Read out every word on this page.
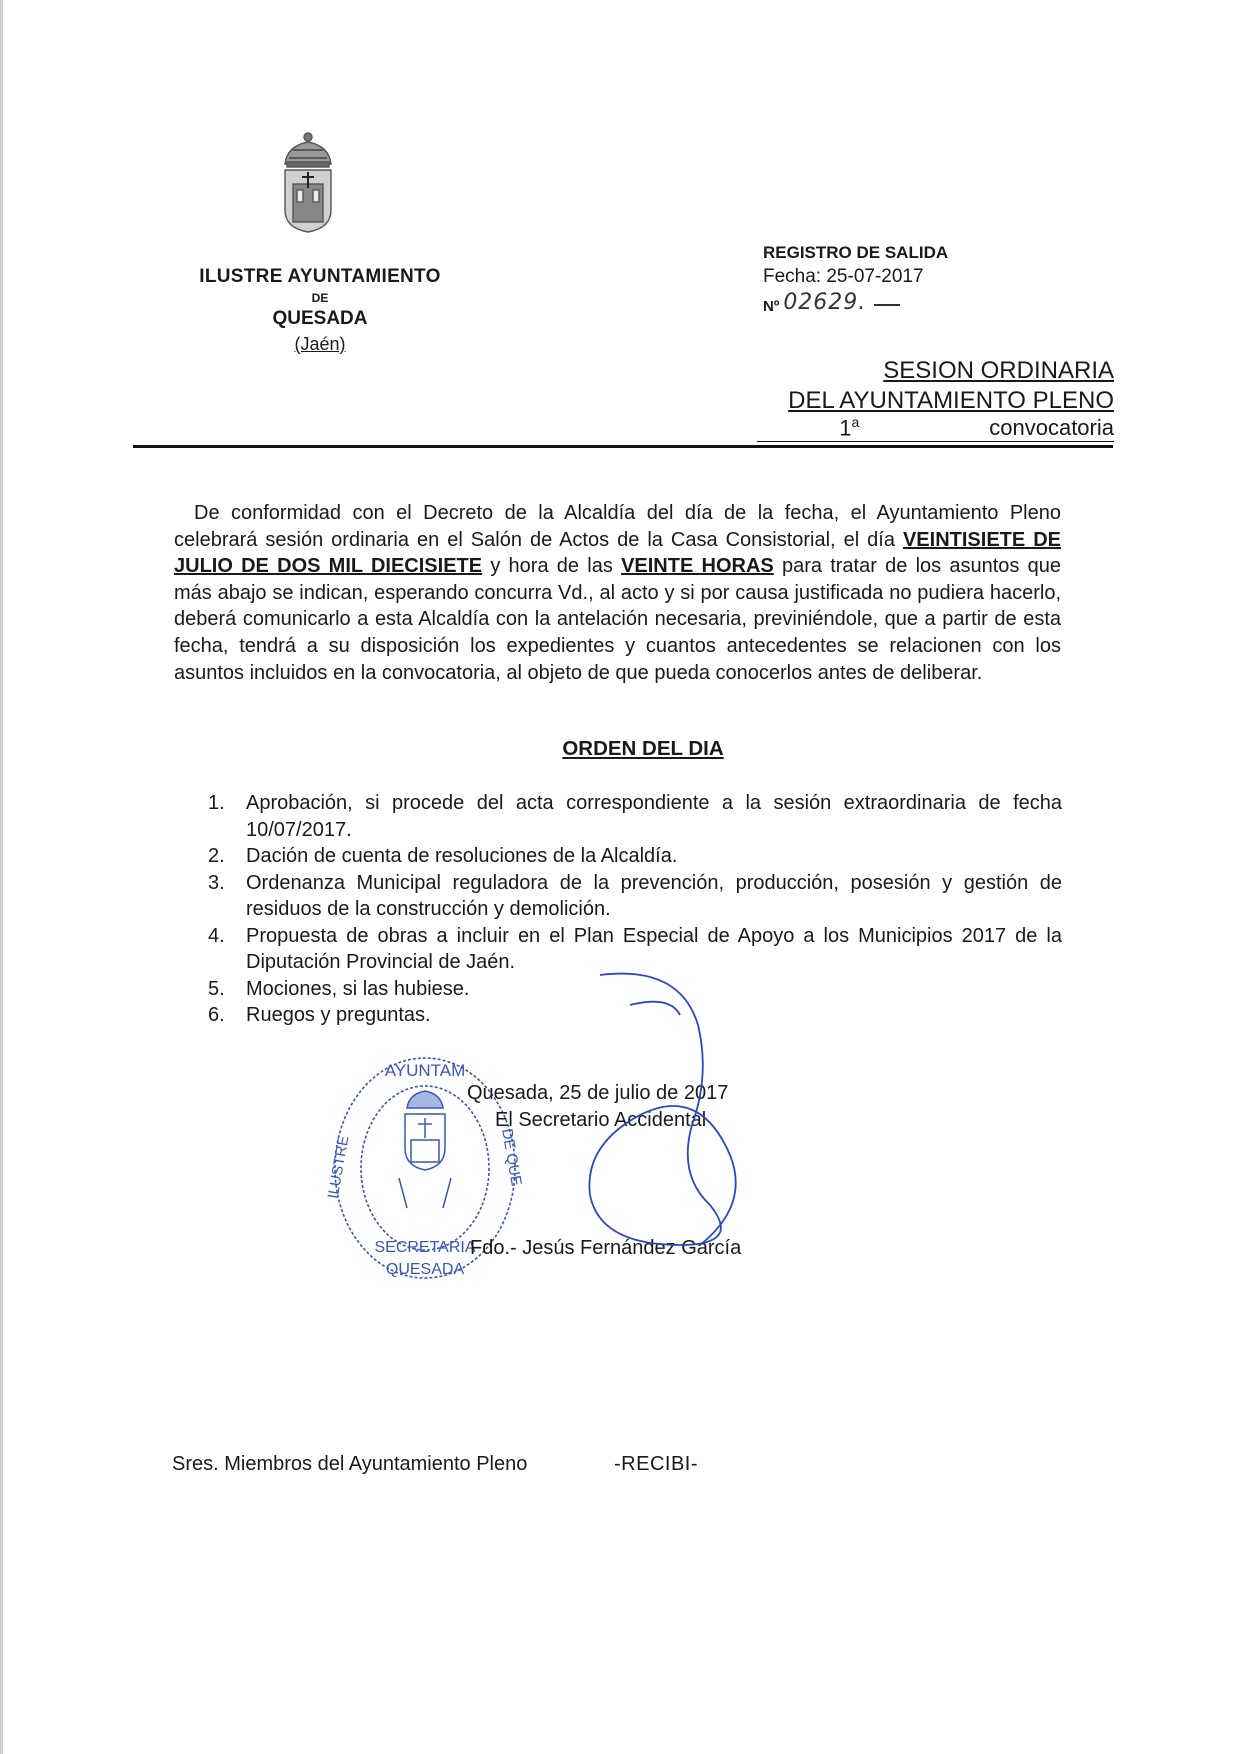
ILUSTRE AYUNTAMIENTO
DE
QUESADA
(Jaén)
REGISTRO DE SALIDA
Fecha: 25-07-2017
Nº 02629.
SESION ORDINARIA
DEL AYUNTAMIENTO PLENO
1$^a$	convocatoria

De conformidad con el Decreto de la Alcaldía del día de la fecha, el Ayuntamiento Pleno celebrará sesión ordinaria en el Salón de Actos de la Casa Consistorial, el día VEINTISIETE DE JULIO DE DOS MIL DIECISIETE y hora de las VEINTE HORAS para tratar de los asuntos que más abajo se indican, esperando concurra Vd., al acto y si por causa justificada no pudiera hacerlo, deberá comunicarlo a esta Alcaldía con la antelación necesaria, previniéndole, que a partir de esta fecha, tendrá a su disposición los expedientes y cuantos antecedentes se relacionen con los asuntos incluidos en la convocatoria, al objeto de que pueda conocerlos antes de deliberar.

ORDEN DEL DIA
1.	Aprobación, si procede del acta correspondiente a la sesión extraordinaria de fecha 10/07/2017.
2.	Dación de cuenta de resoluciones de la Alcaldía.
3.	Ordenanza Municipal reguladora de la prevención, producción, posesión y gestión de residuos de la construcción y demolición.
4.	Propuesta de obras a incluir en el Plan Especial de Apoyo a los Municipios 2017 de la Diputación Provincial de Jaén.
5.	Mociones, si las hubiese.
6.	Ruegos y preguntas.
AYUNTAM
ILUSTRE	DE QUE
SECRETARIA
QUESADA
Quesada, 25 de julio de 2017
El Secretario Accidental
Fdo.- Jesús Fernández García
Sres. Miembros del Ayuntamiento Pleno	-RECIBI-
